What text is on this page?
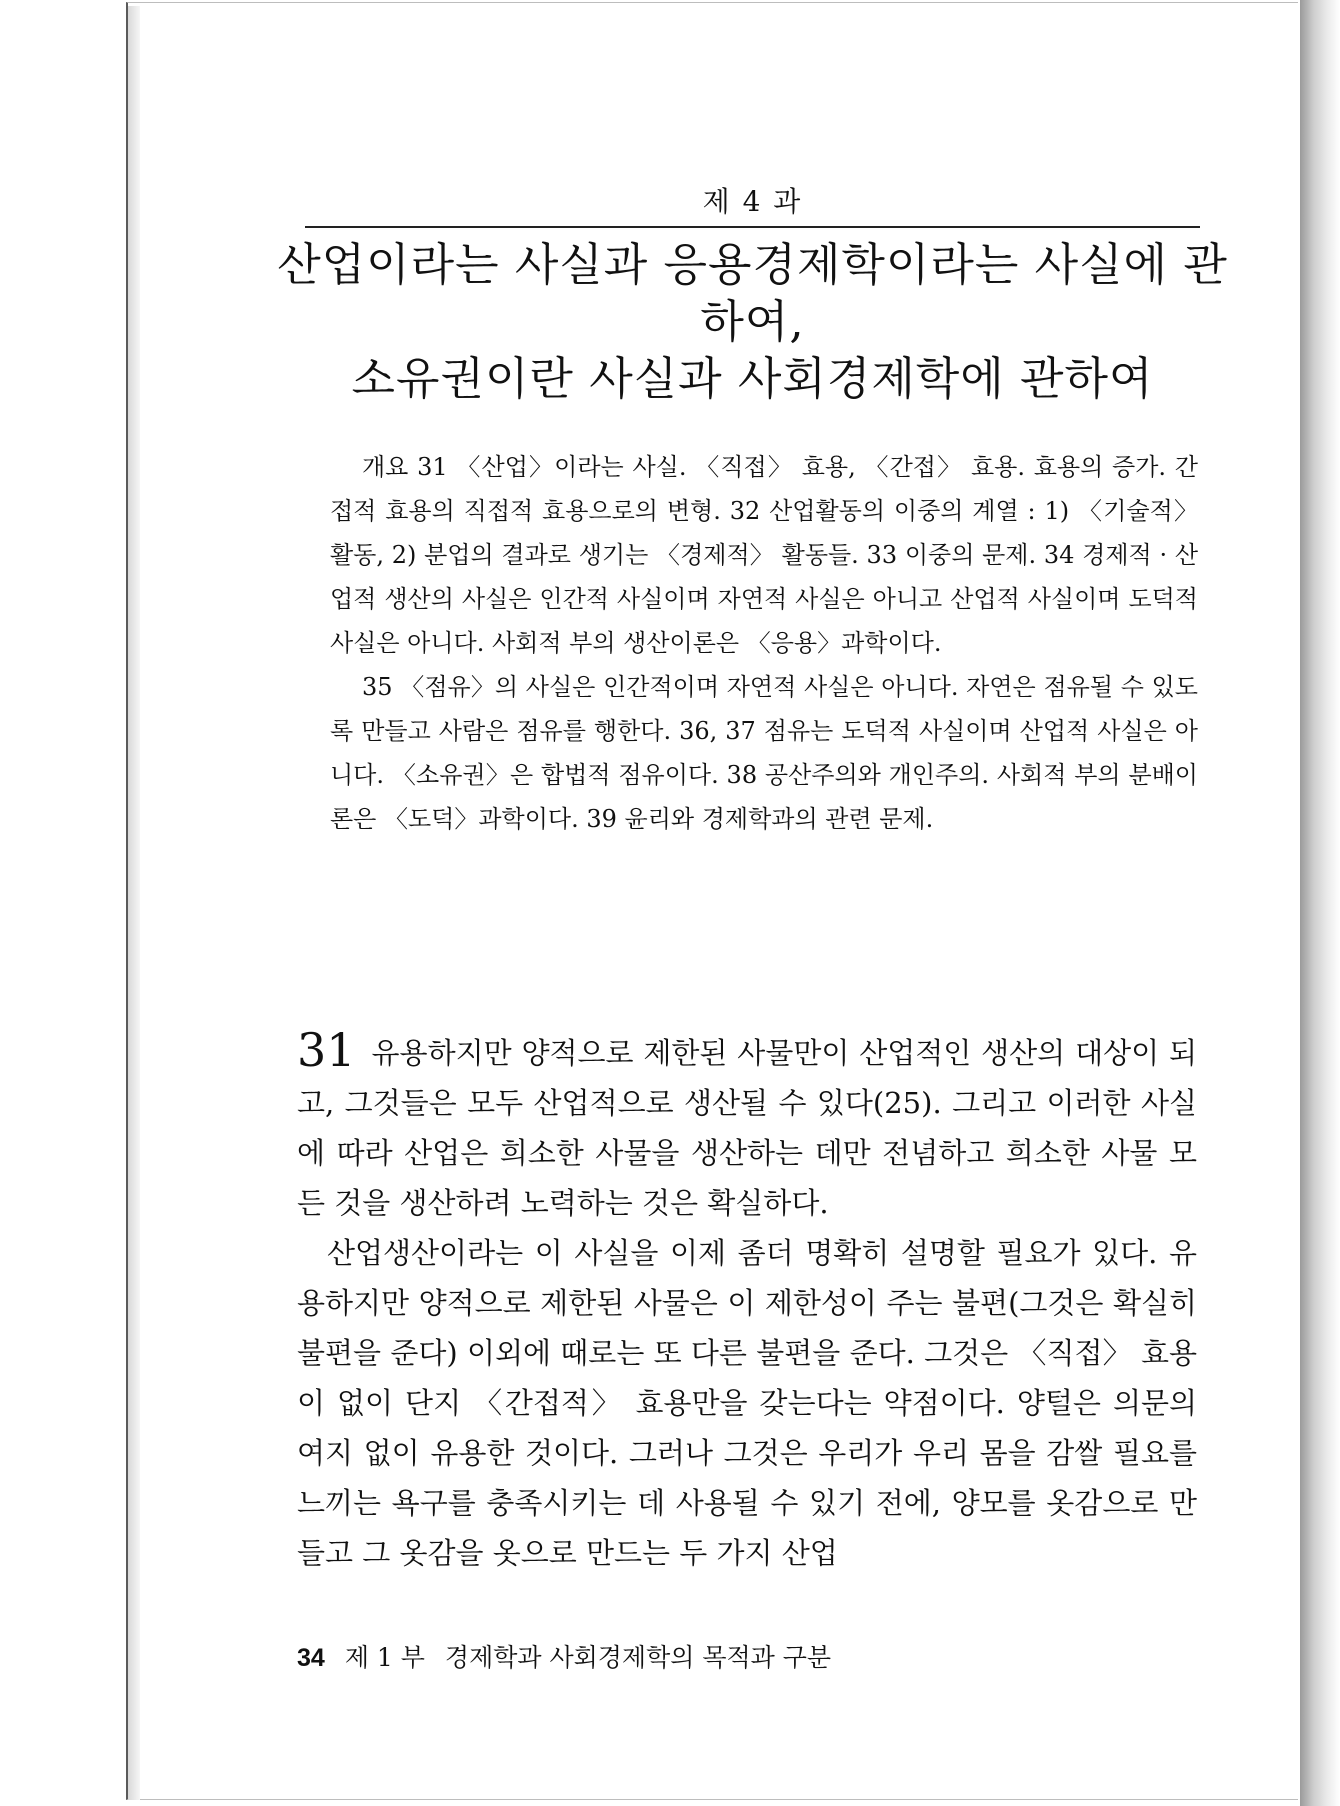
제 4 과
산업이라는 사실과 응용경제학이라는 사실에 관하여,
소유권이란 사실과 사회경제학에 관하여

개요 31 〈산업〉이라는 사실. 〈직접〉 효용, 〈간접〉 효용. 효용의 증가. 간접적 효용의 직접적 효용으로의 변형. 32 산업활동의 이중의 계열 : 1) 〈기술적〉 활동, 2) 분업의 결과로 생기는 〈경제적〉 활동들. 33 이중의 문제. 34 경제적 · 산업적 생산의 사실은 인간적 사실이며 자연적 사실은 아니고 산업적 사실이며 도덕적 사실은 아니다. 사회적 부의 생산이론은 〈응용〉과학이다.

35 〈점유〉의 사실은 인간적이며 자연적 사실은 아니다. 자연은 점유될 수 있도록 만들고 사람은 점유를 행한다. 36, 37 점유는 도덕적 사실이며 산업적 사실은 아니다. 〈소유권〉은 합법적 점유이다. 38 공산주의와 개인주의. 사회적 부의 분배이론은 〈도덕〉과학이다. 39 윤리와 경제학과의 관련 문제.

31 유용하지만 양적으로 제한된 사물만이 산업적인 생산의 대상이 되고, 그것들은 모두 산업적으로 생산될 수 있다(25). 그리고 이러한 사실에 따라 산업은 희소한 사물을 생산하는 데만 전념하고 희소한 사물 모든 것을 생산하려 노력하는 것은 확실하다.

산업생산이라는 이 사실을 이제 좀더 명확히 설명할 필요가 있다. 유용하지만 양적으로 제한된 사물은 이 제한성이 주는 불편(그것은 확실히 불편을 준다) 이외에 때로는 또 다른 불편을 준다. 그것은 〈직접〉 효용이 없이 단지 〈간접적〉 효용만을 갖는다는 약점이다. 양털은 의문의 여지 없이 유용한 것이다. 그러나 그것은 우리가 우리 몸을 감쌀 필요를 느끼는 욕구를 충족시키는 데 사용될 수 있기 전에, 양모를 옷감으로 만들고 그 옷감을 옷으로 만드는 두 가지 산업

34 제 1 부 경제학과 사회경제학의 목적과 구분
